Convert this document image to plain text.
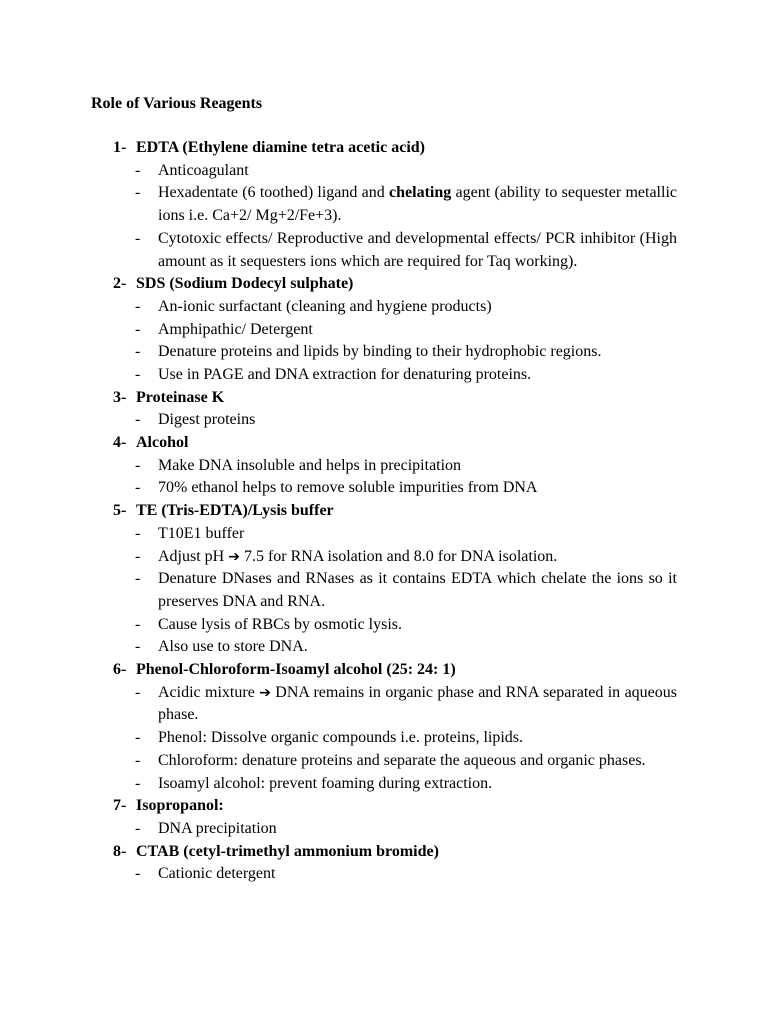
Role of Various Reagents
1- EDTA (Ethylene diamine tetra acetic acid)
- Anticoagulant
- Hexadentate (6 toothed) ligand and chelating agent (ability to sequester metallic ions i.e. Ca+2/ Mg+2/Fe+3).
- Cytotoxic effects/ Reproductive and developmental effects/ PCR inhibitor (High amount as it sequesters ions which are required for Taq working).
2- SDS (Sodium Dodecyl sulphate)
- An-ionic surfactant (cleaning and hygiene products)
- Amphipathic/ Detergent
- Denature proteins and lipids by binding to their hydrophobic regions.
- Use in PAGE and DNA extraction for denaturing proteins.
3- Proteinase K
- Digest proteins
4- Alcohol
- Make DNA insoluble and helps in precipitation
- 70% ethanol helps to remove soluble impurities from DNA
5- TE (Tris-EDTA)/Lysis buffer
- T10E1 buffer
- Adjust pH ➔ 7.5 for RNA isolation and 8.0 for DNA isolation.
- Denature DNases and RNases as it contains EDTA which chelate the ions so it preserves DNA and RNA.
- Cause lysis of RBCs by osmotic lysis.
- Also use to store DNA.
6- Phenol-Chloroform-Isoamyl alcohol (25: 24: 1)
- Acidic mixture ➔ DNA remains in organic phase and RNA separated in aqueous phase.
- Phenol: Dissolve organic compounds i.e. proteins, lipids.
- Chloroform: denature proteins and separate the aqueous and organic phases.
- Isoamyl alcohol: prevent foaming during extraction.
7- Isopropanol:
- DNA precipitation
8- CTAB (cetyl-trimethyl ammonium bromide)
- Cationic detergent
